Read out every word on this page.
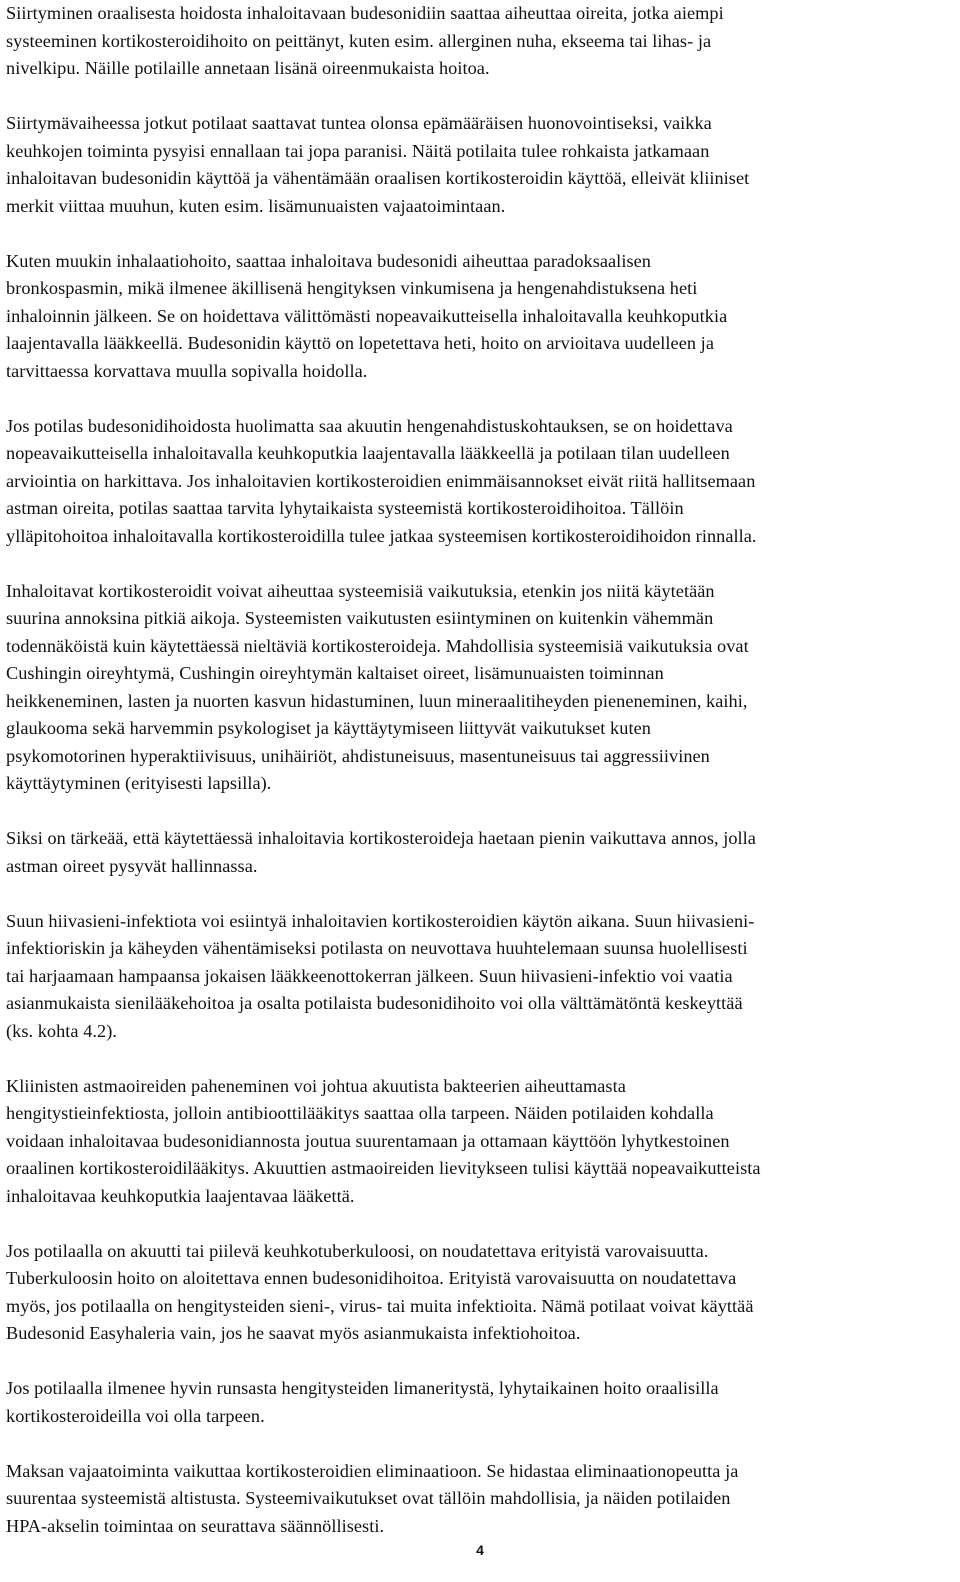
Siirtyminen oraalisesta hoidosta inhaloitavaan budesonidiin saattaa aiheuttaa oireita, jotka aiempi
systeeminen kortikosteroidihoito on peittänyt, kuten esim. allerginen nuha, ekseema tai lihas- ja
nivelkipu. Näille potilaille annetaan lisänä oireenmukaista hoitoa.

Siirtymävaiheessa jotkut potilaat saattavat tuntea olonsa epämääräisen huonovointiseksi, vaikka
keuhkojen toiminta pysyisi ennallaan tai jopa paranisi. Näitä potilaita tulee rohkaista jatkamaan
inhaloitavan budesonidin käyttöä ja vähentämään oraalisen kortikosteroidin käyttöä, elleivät kliiniset
merkit viittaa muuhun, kuten esim. lisämunuaisten vajaatoimintaan.

Kuten muukin inhalaatiohoito, saattaa inhaloitava budesonidi aiheuttaa paradoksaalisen
bronkospasmin, mikä ilmenee äkillisenä hengityksen vinkumisena ja hengenahdistuksena heti
inhaloinnin jälkeen. Se on hoidettava välittömästi nopeavaikutteisella inhaloitavalla keuhkoputkia
laajentavalla lääkkeellä. Budesonidin käyttö on lopetettava heti, hoito on arvioitava uudelleen ja
tarvittaessa korvattava muulla sopivalla hoidolla.

Jos potilas budesonidihoidosta huolimatta saa akuutin hengenahdistuskohtauksen, se on hoidettava
nopeavaikutteisella inhaloitavalla keuhkoputkia laajentavalla lääkkeellä ja potilaan tilan uudelleen
arviointia on harkittava. Jos inhaloitavien kortikosteroidien enimmäisannokset eivät riitä hallitsemaan
astman oireita, potilas saattaa tarvita lyhytaikaista systeemistä kortikosteroidihoitoa. Tällöin
ylläpitohoitoa inhaloitavalla kortikosteroidilla tulee jatkaa systeemisen kortikosteroidihoidon rinnalla.

Inhaloitavat kortikosteroidit voivat aiheuttaa systeemisiä vaikutuksia, etenkin jos niitä käytetään
suurina annoksina pitkiä aikoja. Systeemisten vaikutusten esiintyminen on kuitenkin vähemmän
todennäköistä kuin käytettäessä nieltäviä kortikosteroideja. Mahdollisia systeemisiä vaikutuksia ovat
Cushingin oireyhtymä, Cushingin oireyhtymän kaltaiset oireet, lisämunuaisten toiminnan
heikkeneminen, lasten ja nuorten kasvun hidastuminen, luun mineraalitiheyden pieneneminen, kaihi,
glaukooma sekä harvemmin psykologiset ja käyttäytymiseen liittyvät vaikutukset kuten
psykomotorinen hyperaktiivisuus, unihäiriöt, ahdistuneisuus, masentuneisuus tai aggressiivinen
käyttäytyminen (erityisesti lapsilla).

Siksi on tärkeää, että käytettäessä inhaloitavia kortikosteroideja haetaan pienin vaikuttava annos, jolla
astman oireet pysyvät hallinnassa.

Suun hiivasieni-infektiota voi esiintyä inhaloitavien kortikosteroidien käytön aikana. Suun hiivasieni-
infektioriskin ja käheyden vähentämiseksi potilasta on neuvottava huuhtelemaan suunsa huolellisesti
tai harjaamaan hampaansa jokaisen lääkkeenottokerran jälkeen. Suun hiivasieni-infektio voi vaatia
asianmukaista sienilääkehoitoa ja osalta potilaista budesonidihoito voi olla välttämätöntä keskeyttää
(ks. kohta 4.2).

Kliinisten astmaoireiden paheneminen voi johtua akuutista bakteerien aiheuttamasta
hengitystieinfektiosta, jolloin antibioottilääkitys saattaa olla tarpeen. Näiden potilaiden kohdalla
voidaan inhaloitavaa budesonidiannosta joutua suurentamaan ja ottamaan käyttöön lyhytkestoinen
oraalinen kortikosteroidilääkitys. Akuuttien astmaoireiden lievitykseen tulisi käyttää nopeavaikutteista
inhaloitavaa keuhkoputkia laajentavaa lääkettä.

Jos potilaalla on akuutti tai piilevä keuhkotuberkuloosi, on noudatettava erityistä varovaisuutta.
Tuberkuloosin hoito on aloitettava ennen budesonidihoitoa. Erityistä varovaisuutta on noudatettava
myös, jos potilaalla on hengitysteiden sieni-, virus- tai muita infektioita. Nämä potilaat voivat käyttää
Budesonid Easyhaleria vain, jos he saavat myös asianmukaista infektiohoitoa.

Jos potilaalla ilmenee hyvin runsasta hengitysteiden limaneritystä, lyhytaikainen hoito oraalisilla
kortikosteroideilla voi olla tarpeen.

Maksan vajaatoiminta vaikuttaa kortikosteroidien eliminaatioon. Se hidastaa eliminaationopeutta ja
suurentaa systeemistä altistusta. Systeemivaikutukset ovat tällöin mahdollisia, ja näiden potilaiden
HPA-akselin toimintaa on seurattava säännöllisesti.

4
